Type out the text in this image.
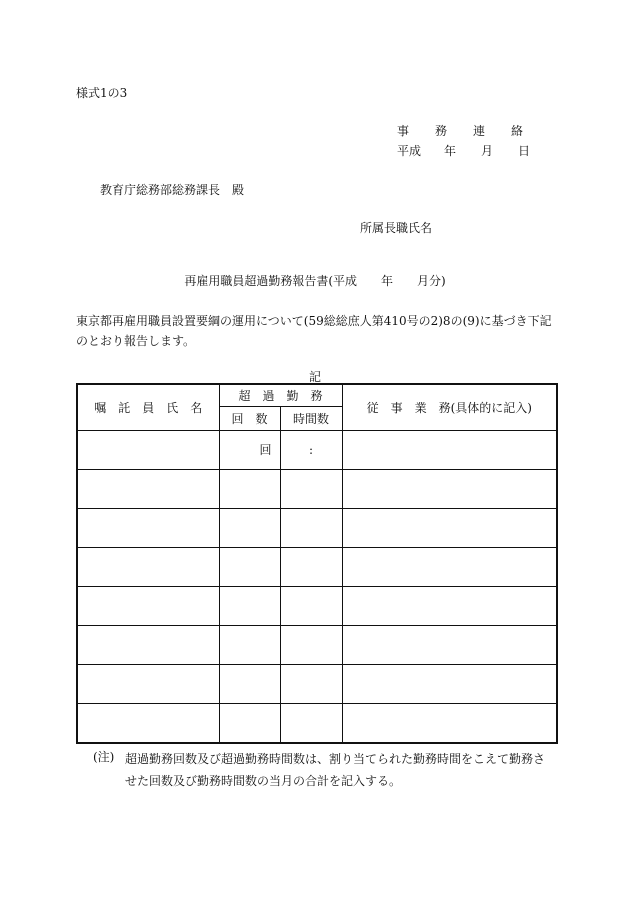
様式1の3
事 務 連 絡
平成 年 月 日
教育庁総務部総務課長　殿
所属長職氏名
再雇用職員超過勤務報告書(平成　　年　　月分)
東京都再雇用職員設置要綱の運用について(59総総庶人第410号の2)8の(9)に基づき下記のとおり報告します。
記
嘱　託　員　氏　名	超　過　勤　務		従　事　業　務(具体的に記入)
	回　数	時間数	
	回	:	

(注) 超過勤務回数及び超過勤務時間数は、割り当てられた勤務時間をこえて勤務させた回数及び勤務時間数の当月の合計を記入する。
